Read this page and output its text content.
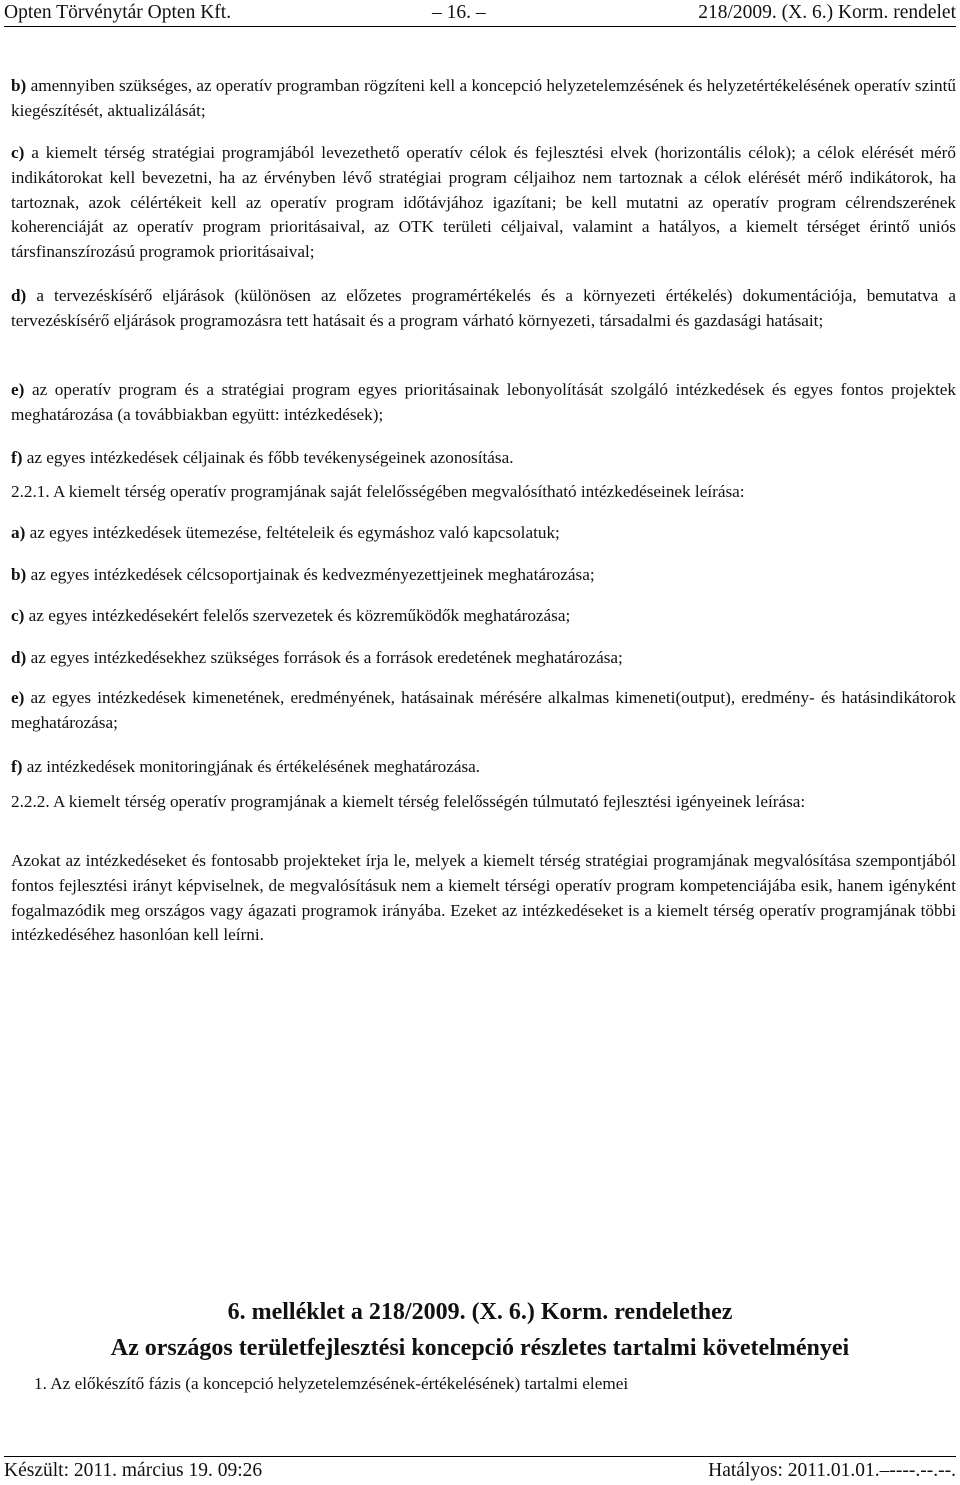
Opten Törvénytár Opten Kft.	– 16. –	218/2009. (X. 6.) Korm. rendelet

b) amennyiben szükséges, az operatív programban rögzíteni kell a koncepció helyzetelemzésének és helyzetértékelésének operatív szintű kiegészítését, aktualizálását;

c) a kiemelt térség stratégiai programjából levezethető operatív célok és fejlesztési elvek (horizontális célok); a célok elérését mérő indikátorokat kell bevezetni, ha az érvényben lévő stratégiai program céljaihoz nem tartoznak a célok elérését mérő indikátorok, ha tartoznak, azok célértékeit kell az operatív program időtávjához igazítani; be kell mutatni az operatív program célrendszerének koherenciáját az operatív program prioritásaival, az OTK területi céljaival, valamint a hatályos, a kiemelt térséget érintő uniós társfinanszírozású programok prioritásaival;

d) a tervezéskísérő eljárások (különösen az előzetes programértékelés és a környezeti értékelés) dokumentációja, bemutatva a tervezéskísérő eljárások programozásra tett hatásait és a program várható környezeti, társadalmi és gazdasági hatásait;

e) az operatív program és a stratégiai program egyes prioritásainak lebonyolítását szolgáló intézkedések és egyes fontos projektek meghatározása (a továbbiakban együtt: intézkedések);

f) az egyes intézkedések céljainak és főbb tevékenységeinek azonosítása.

2.2.1. A kiemelt térség operatív programjának saját felelősségében megvalósítható intézkedéseinek leírása:

a) az egyes intézkedések ütemezése, feltételeik és egymáshoz való kapcsolatuk;

b) az egyes intézkedések célcsoportjainak és kedvezményezettjeinek meghatározása;

c) az egyes intézkedésekért felelős szervezetek és közreműködők meghatározása;

d) az egyes intézkedésekhez szükséges források és a források eredetének meghatározása;

e) az egyes intézkedések kimenetének, eredményének, hatásainak mérésére alkalmas kimeneti(output), eredmény- és hatásindikátorok meghatározása;

f) az intézkedések monitoringjának és értékelésének meghatározása.

2.2.2. A kiemelt térség operatív programjának a kiemelt térség felelősségén túlmutató fejlesztési igényeinek leírása:

Azokat az intézkedéseket és fontosabb projekteket írja le, melyek a kiemelt térség stratégiai programjának megvalósítása szempontjából fontos fejlesztési irányt képviselnek, de megvalósításuk nem a kiemelt térségi operatív program kompetenciájába esik, hanem igényként fogalmazódik meg országos vagy ágazati programok irányába. Ezeket az intézkedéseket is a kiemelt térség operatív programjának többi intézkedéséhez hasonlóan kell leírni.

6. melléklet a 218/2009. (X. 6.) Korm. rendelethez
Az országos területfejlesztési koncepció részletes tartalmi követelményei

1. Az előkészítő fázis (a koncepció helyzetelemzésének-értékelésének) tartalmi elemei

Készült: 2011. március 19. 09:26	Hatályos: 2011.01.01.–----.--.--.
